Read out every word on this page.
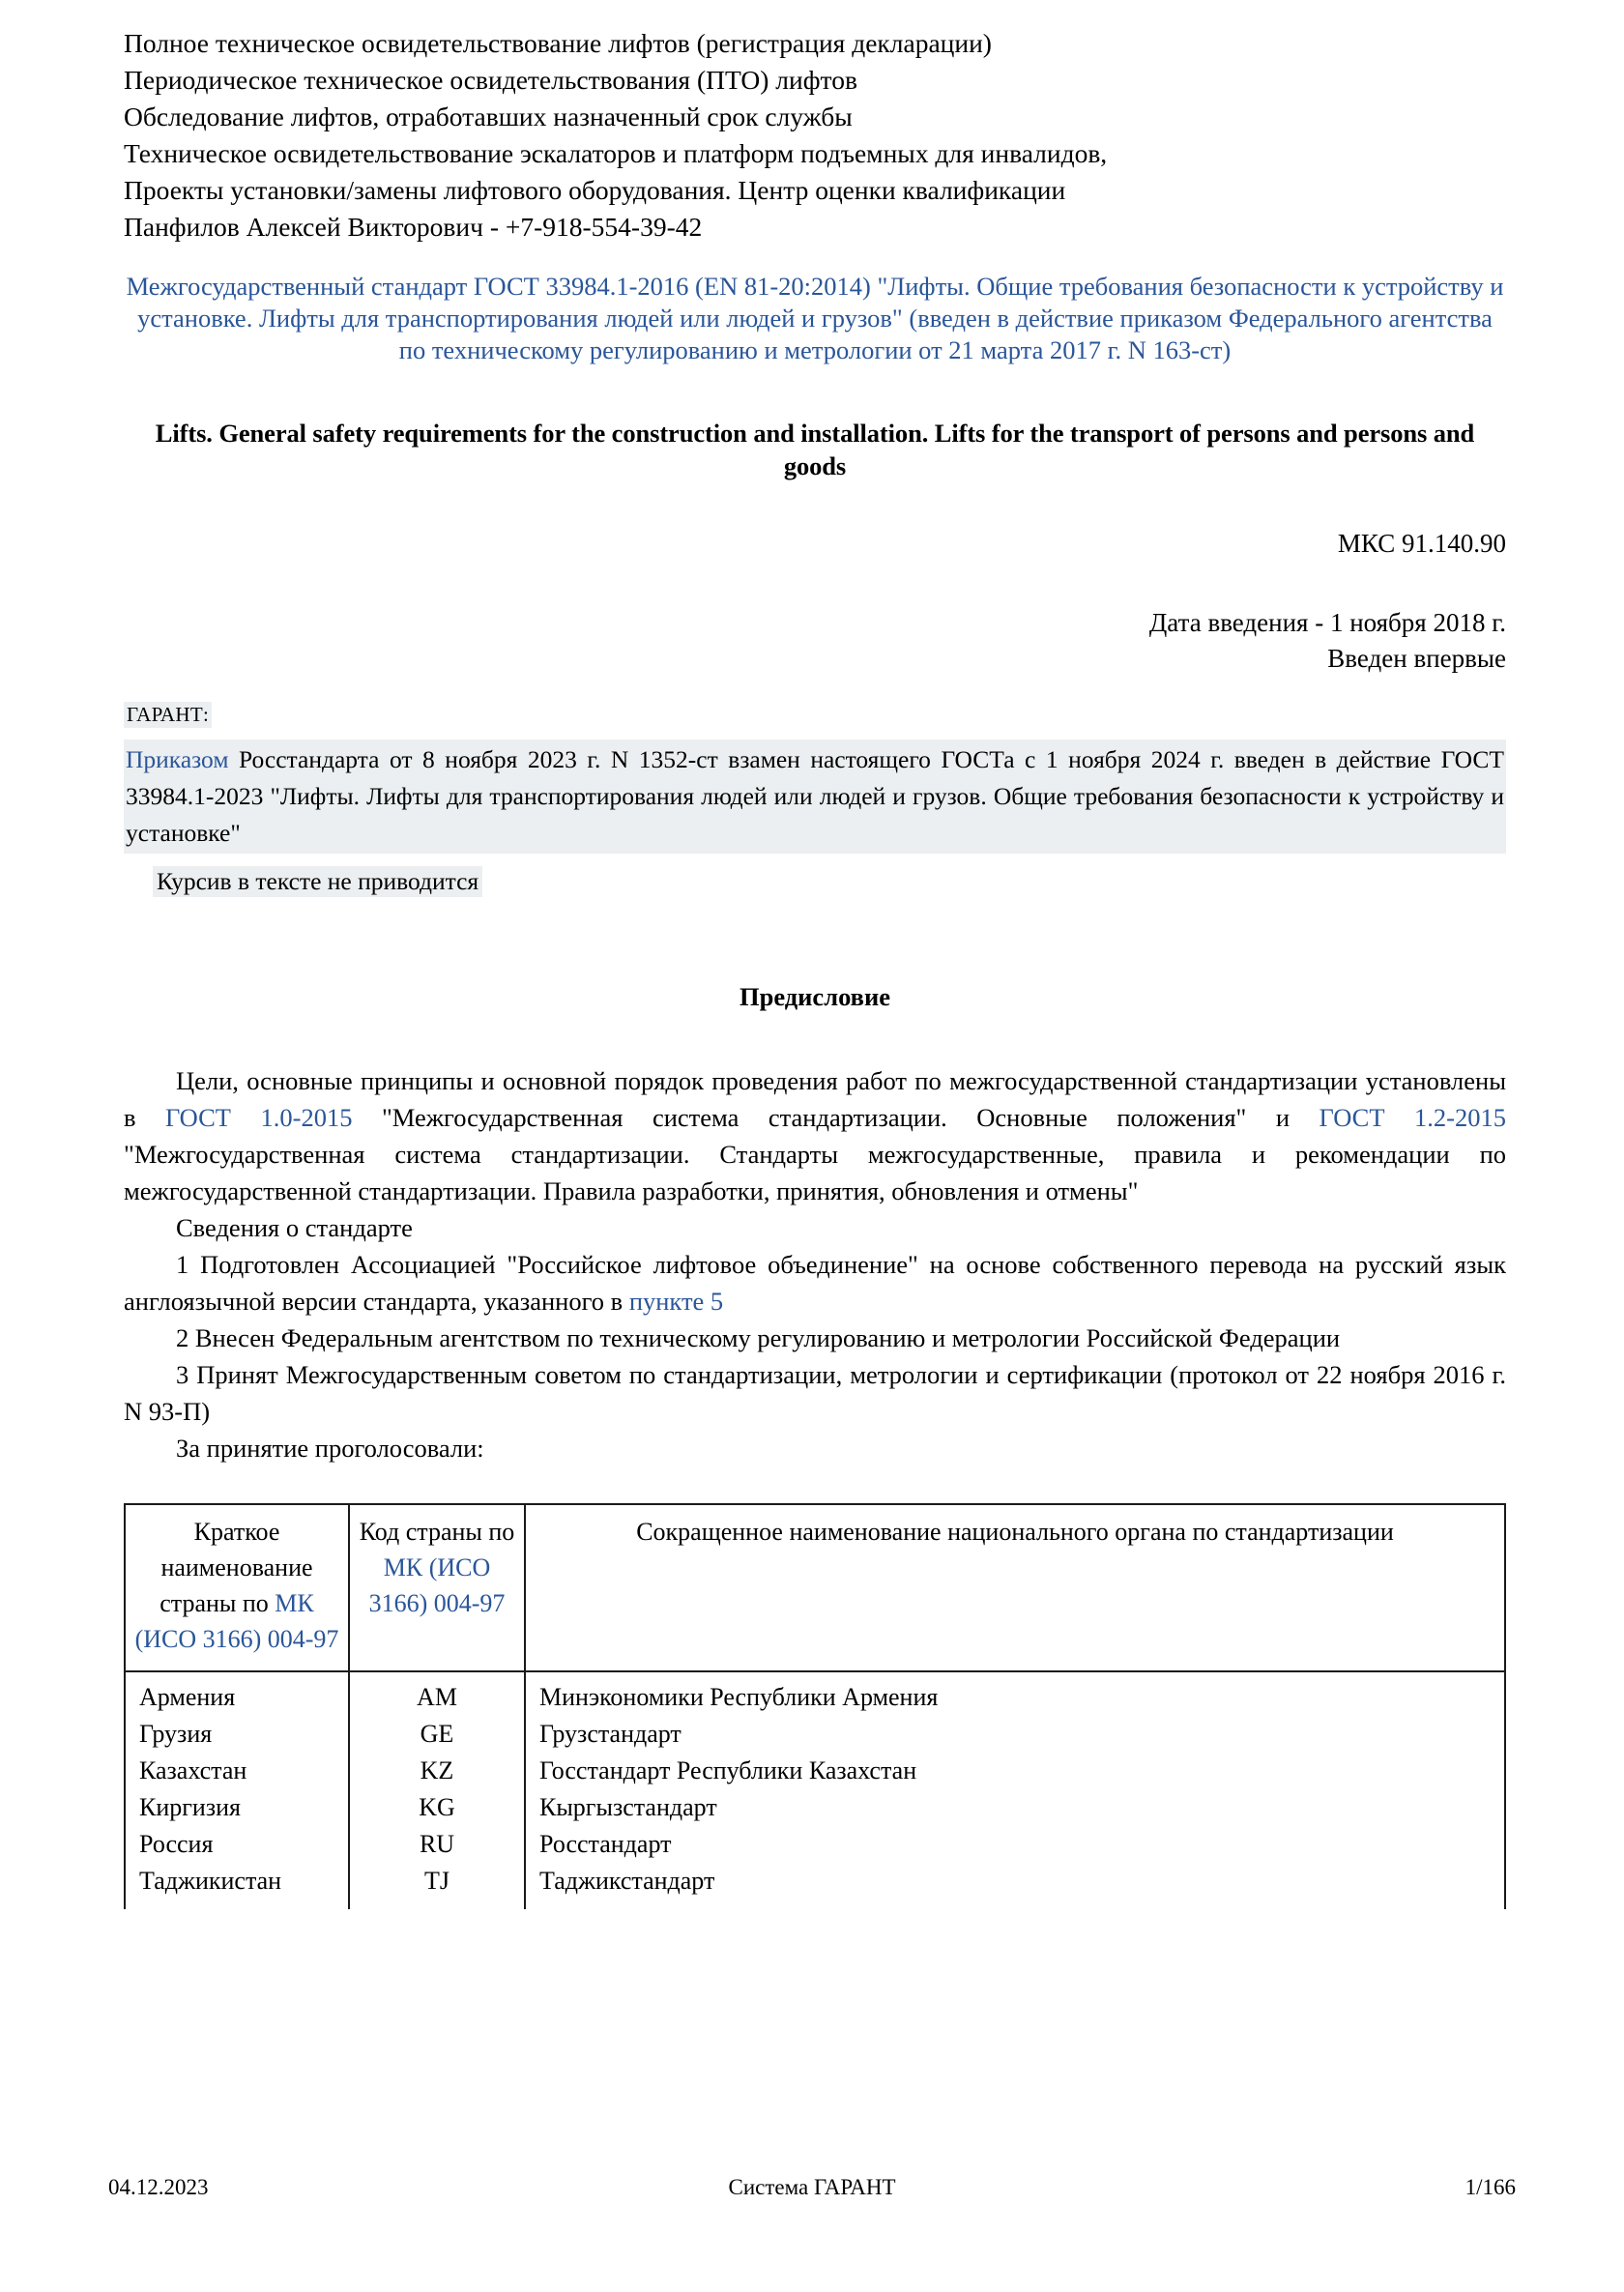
Полное техническое освидетельствование лифтов (регистрация декларации)
Периодическое техническое освидетельствования (ПТО) лифтов
Обследование лифтов, отработавших назначенный срок службы
Техническое освидетельствование эскалаторов и платформ подъемных для инвалидов,
Проекты установки/замены лифтового оборудования. Центр оценки квалификации
Панфилов Алексей Викторович - +7-918-554-39-42
Межгосударственный стандарт ГОСТ 33984.1-2016 (EN 81-20:2014) "Лифты. Общие требования безопасности к устройству и установке. Лифты для транспортирования людей или людей и грузов" (введен в действие приказом Федерального агентства по техническому регулированию и метрологии от 21 марта 2017 г. N 163-ст)
Lifts. General safety requirements for the construction and installation. Lifts for the transport of persons and persons and goods
МКС 91.140.90
Дата введения - 1 ноября 2018 г.
Введен впервые
ГАРАНТ:
Приказом Росстандарта от 8 ноября 2023 г. N 1352-ст взамен настоящего ГОСТа с 1 ноября 2024 г. введен в действие ГОСТ 33984.1-2023 "Лифты. Лифты для транспортирования людей или людей и грузов. Общие требования безопасности к устройству и установке"
Курсив в тексте не приводится
Предисловие

Цели, основные принципы и основной порядок проведения работ по межгосударственной стандартизации установлены в ГОСТ 1.0-2015 "Межгосударственная система стандартизации. Основные положения" и ГОСТ 1.2-2015 "Межгосударственная система стандартизации. Стандарты межгосударственные, правила и рекомендации по межгосударственной стандартизации. Правила разработки, принятия, обновления и отмены"

Сведения о стандарте

1 Подготовлен Ассоциацией "Российское лифтовое объединение" на основе собственного перевода на русский язык англоязычной версии стандарта, указанного в пункте 5

2 Внесен Федеральным агентством по техническому регулированию и метрологии Российской Федерации

3 Принят Межгосударственным советом по стандартизации, метрологии и сертификации (протокол от 22 ноября 2016 г. N 93-П)

За принятие проголосовали:

Краткое наименование страны по МК (ИСО 3166) 004-97	Код страны по МК (ИСО 3166) 004-97	Сокращенное наименование национального органа по стандартизации
Армения	AM	Минэкономики Республики Армения
Грузия	GE	Грузстандарт
Казахстан	KZ	Госстандарт Республики Казахстан
Киргизия	KG	Кыргызстандарт
Россия	RU	Росстандарт
Таджикистан	TJ	Таджикстандарт
04.12.2023	Система ГАРАНТ	1/166
